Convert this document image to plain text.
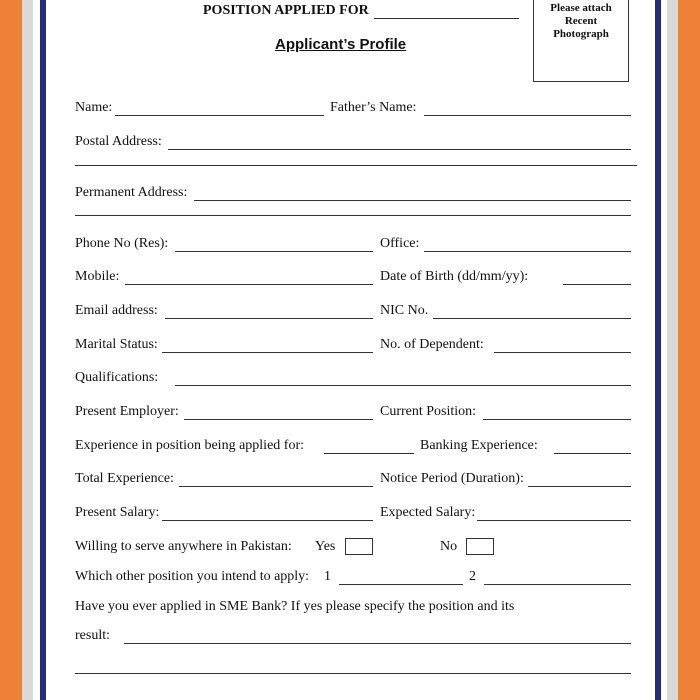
POSITION APPLIED FOR
Applicant’s Profile
Please attach
Recent
Photograph
Name:	Father’s Name:
Postal Address:
Permanent Address:
Phone No (Res):	Office:
Mobile:	Date of Birth (dd/mm/yy):
Email address:	NIC No.
Marital Status:	No. of Dependent:
Qualifications:
Present Employer:	Current Position:
Experience in position being applied for:	Banking Experience:
Total Experience:	Notice Period (Duration):
Present Salary:	Expected Salary:
Willing to serve anywhere in Pakistan: Yes	No
Which other position you intend to apply: 1	2
Have you ever applied in SME Bank? If yes please specify the position and its
result:
